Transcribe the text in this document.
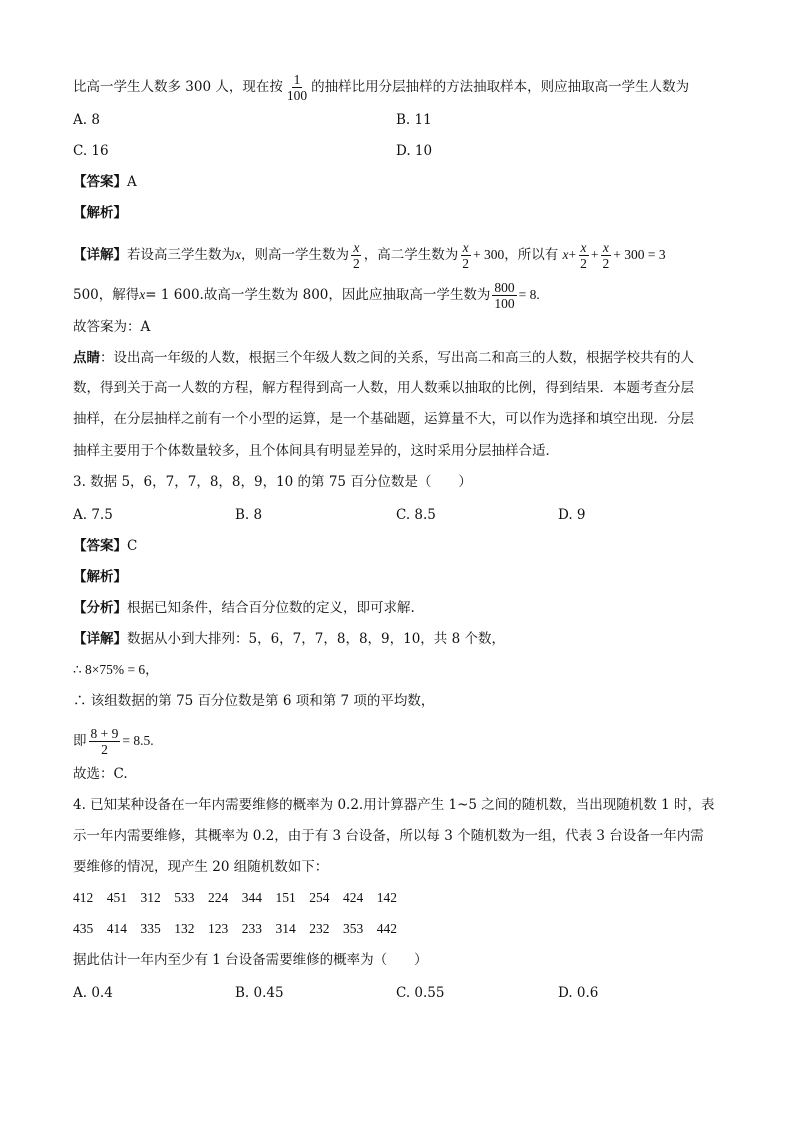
比高一学生人数多 300 人，现在按 $\frac{1}{100}$ 的抽样比用分层抽样的方法抽取样本，则应抽取高一学生人数为
A. 8	B. 11
C. 16	D. 10
【答案】A
【解析】
【详解】若设高三学生数为x，则高一学生数为 $\frac{x}{2}$ ，高二学生数为 $\frac{x}{2} + 300$，所以有 $x+ \frac{x}{2} + \frac{x}{2} + 300 = 3$
500，解得x= 1 600.故高一学生数为 800，因此应抽取高一学生数为 $\frac{800}{100} = 8$.
故答案为：A
点睛：设出高一年级的人数，根据三个年级人数之间的关系，写出高二和高三的人数，根据学校共有的人
数，得到关于高一人数的方程，解方程得到高一人数，用人数乘以抽取的比例，得到结果．本题考查分层
抽样，在分层抽样之前有一个小型的运算，是一个基础题，运算量不大，可以作为选择和填空出现．分层
抽样主要用于个体数量较多，且个体间具有明显差异的，这时采用分层抽样合适．
3. 数据 5，6，7，7，8，8，9，10 的第 75 百分位数是（　　）
A. 7.5	B. 8	C. 8.5	D. 9
【答案】C
【解析】
【分析】根据已知条件，结合百分位数的定义，即可求解.
【详解】数据从小到大排列：5，6，7，7，8，8，9，10，共 8 个数，
∴ 8×75% = 6，
∴ 该组数据的第 75 百分位数是第 6 项和第 7 项的平均数，
即 $\frac{8 + 9}{2} = 8.5$.
故选：C.
4. 已知某种设备在一年内需要维修的概率为 0.2.用计算器产生 1~5 之间的随机数，当出现随机数 1 时，表
示一年内需要维修，其概率为 0.2，由于有 3 台设备，所以每 3 个随机数为一组，代表 3 台设备一年内需
要维修的情况，现产生 20 组随机数如下：
412　451　312　533　224　344　151　254　424　142
435　414　335　132　123　233　314　232　353　442
据此估计一年内至少有 1 台设备需要维修的概率为（　　）
A. 0.4	B. 0.45	C. 0.55	D. 0.6
